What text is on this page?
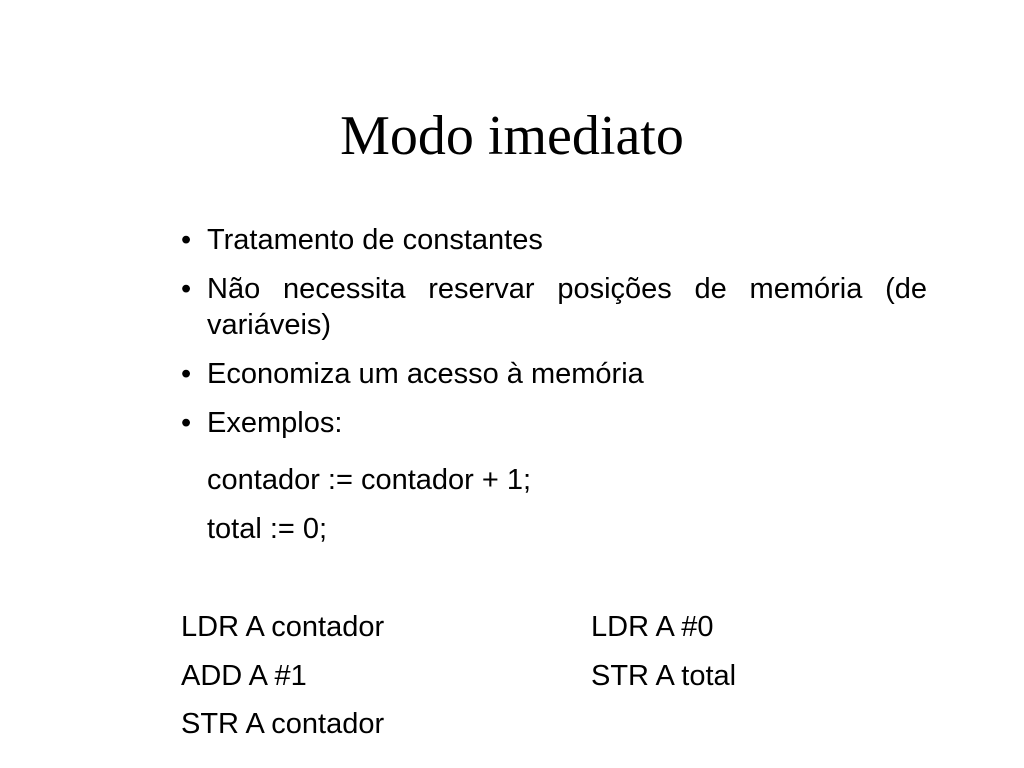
Modo imediato
• Tratamento de constantes
• Não necessita reservar posições de memória (de variáveis)
• Economiza um acesso à memória
• Exemplos:
contador := contador + 1;
total := 0;
LDR A contador
ADD A #1
STR A contador
LDR A #0
STR A total
